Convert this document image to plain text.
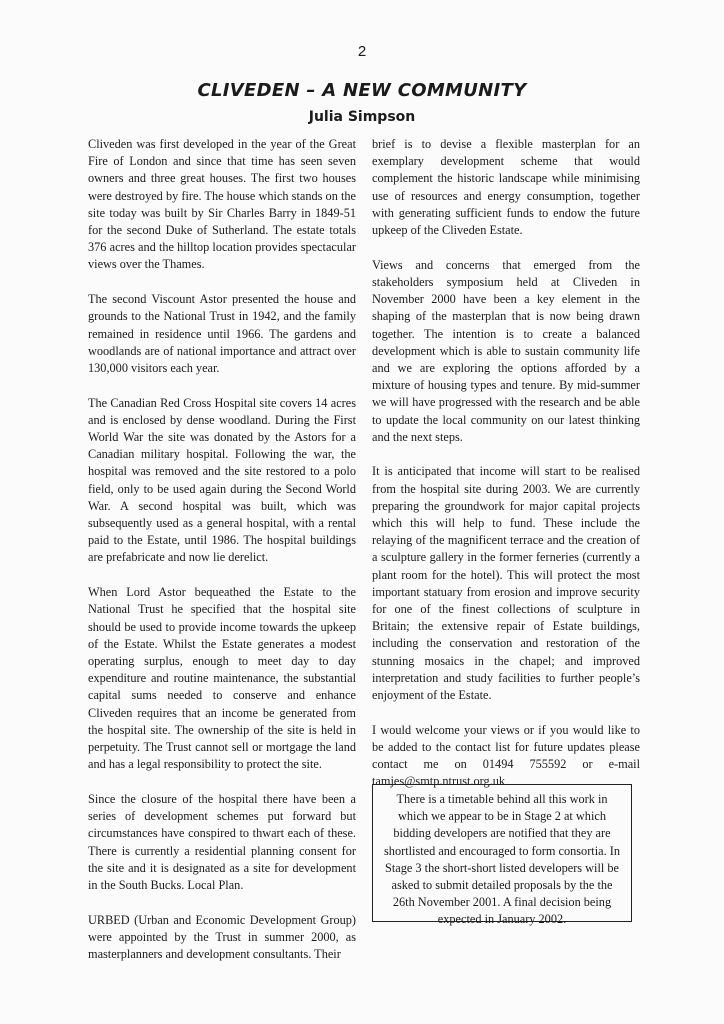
2
CLIVEDEN – A NEW COMMUNITY
Julia Simpson

Cliveden was first developed in the year of the Great Fire of London and since that time has seen seven owners and three great houses. The first two houses were destroyed by fire. The house which stands on the site today was built by Sir Charles Barry in 1849-51 for the second Duke of Sutherland. The estate totals 376 acres and the hilltop location provides spectacular views over the Thames.

The second Viscount Astor presented the house and grounds to the National Trust in 1942, and the family remained in residence until 1966. The gardens and woodlands are of national importance and attract over 130,000 visitors each year.

The Canadian Red Cross Hospital site covers 14 acres and is enclosed by dense woodland. During the First World War the site was donated by the Astors for a Canadian military hospital. Following the war, the hospital was removed and the site restored to a polo field, only to be used again during the Second World War. A second hospital was built, which was subsequently used as a general hospital, with a rental paid to the Estate, until 1986. The hospital buildings are prefabricate and now lie derelict.

When Lord Astor bequeathed the Estate to the National Trust he specified that the hospital site should be used to provide income towards the upkeep of the Estate. Whilst the Estate generates a modest operating surplus, enough to meet day to day expenditure and routine maintenance, the substantial capital sums needed to conserve and enhance Cliveden requires that an income be generated from the hospital site. The ownership of the site is held in perpetuity. The Trust cannot sell or mortgage the land and has a legal responsibility to protect the site.

Since the closure of the hospital there have been a series of development schemes put forward but circumstances have conspired to thwart each of these. There is currently a residential planning consent for the site and it is designated as a site for development in the South Bucks. Local Plan.

URBED (Urban and Economic Development Group) were appointed by the Trust in summer 2000, as masterplanners and development consultants. Their

brief is to devise a flexible masterplan for an exemplary development scheme that would complement the historic landscape while minimising use of resources and energy consumption, together with generating sufficient funds to endow the future upkeep of the Cliveden Estate.

Views and concerns that emerged from the stakeholders symposium held at Cliveden in November 2000 have been a key element in the shaping of the masterplan that is now being drawn together. The intention is to create a balanced development which is able to sustain community life and we are exploring the options afforded by a mixture of housing types and tenure. By mid-summer we will have progressed with the research and be able to update the local community on our latest thinking and the next steps.

It is anticipated that income will start to be realised from the hospital site during 2003. We are currently preparing the groundwork for major capital projects which this will help to fund. These include the relaying of the magnificent terrace and the creation of a sculpture gallery in the former fernеries (currently a plant room for the hotel). This will protect the most important statuary from erosion and improve security for one of the finest collections of sculpture in Britain; the extensive repair of Estate buildings, including the conservation and restoration of the stunning mosaics in the chapel; and improved interpretation and study facilities to further people’s enjoyment of the Estate.

I would welcome your views or if you would like to be added to the contact list for future updates please contact me on 01494 755592 or e-mail tamjes@smtp.ntrust.org.uk

There is a timetable behind all this work in which we appear to be in Stage 2 at which bidding developers are notified that they are shortlisted and encouraged to form consortia. In Stage 3 the short-short listed developers will be asked to submit detailed proposals by the the 26th November 2001. A final decision being expected in January 2002.
